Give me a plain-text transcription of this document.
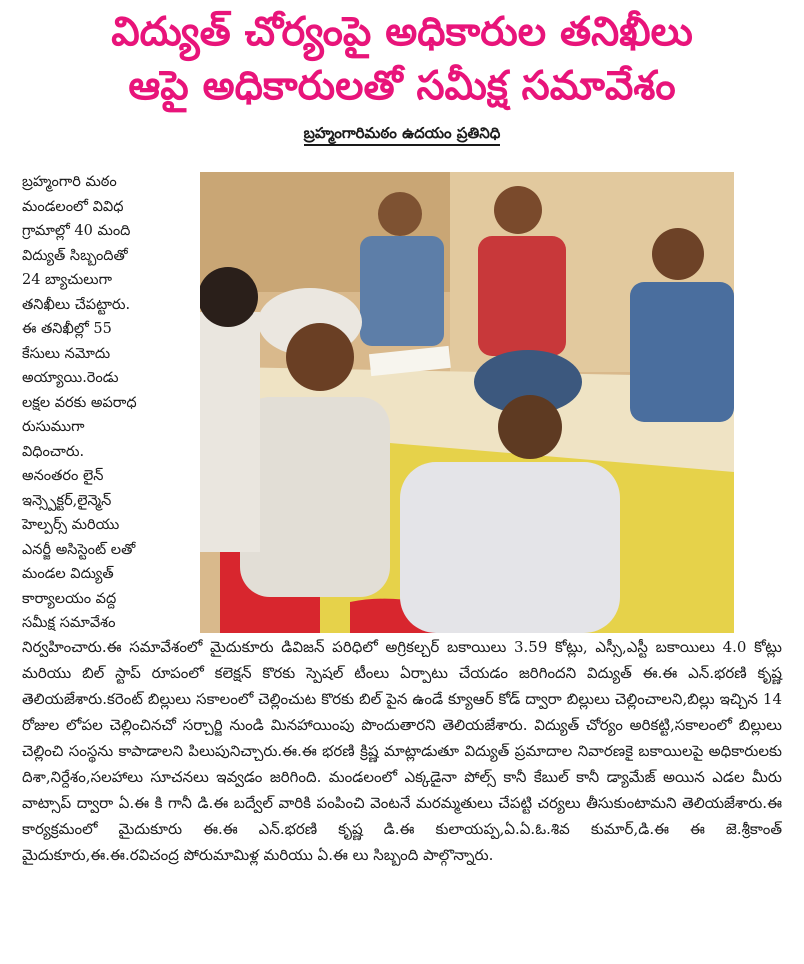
విద్యుత్ చోర్యంపై అధికారుల తనిఖీలు
ఆపై అధికారులతో సమీక్ష సమావేశం
బ్రహ్మంగారిమఠం ఉదయం ప్రతినిధి
బ్రహ్మంగారి మఠం
మండలంలో వివిధ
గ్రామాల్లో 40 మంది
విద్యుత్ సిబ్బందితో
24 బ్యాచులుగా
తనిఖీలు చేపట్టారు.
ఈ తనిఖీల్లో 55
కేసులు నమోదు
అయ్యాయి.రెండు
లక్షల వరకు అపరాధ
రుసుముగా
విధించారు.
అనంతరం లైన్
ఇన్స్పెక్టర్,లైన్మెన్
హెల్పర్స్ మరియు
ఎనర్జీ అసిస్టెంట్ లతో
మండల విద్యుత్
కార్యాలయం వద్ద
సమీక్ష సమావేశం
నిర్వహించారు.ఈ సమావేశంలో మైదుకూరు డివిజన్ పరిధిలో అగ్రికల్చర్ బకాయిలు 3.59 కోట్లు, ఎస్సీ,ఎస్టీ బకాయిలు 4.0 కోట్లు మరియు బిల్ స్టాప్ రూపంలో కలెక్షన్ కొరకు స్పెషల్ టీంలు ఏర్పాటు చేయడం జరిగిందని విద్యుత్ ఈ.ఈ ఎన్.భరణి కృష్ణ తెలియజేశారు.కరెంట్ బిల్లులు సకాలంలో చెల్లించుట కొరకు బిల్ పైన ఉండే క్యూఆర్ కోడ్ ద్వారా బిల్లులు చెల్లించాలని,బిల్లు ఇచ్చిన 14 రోజుల లోపల చెల్లించినచో సర్చార్జి నుండి మినహాయింపు పొందుతారని తెలియజేశారు. విద్యుత్ చోర్యం అరికట్టి,సకాలంలో బిల్లులు చెల్లించి సంస్థను కాపాడాలని పిలుపునిచ్చారు.ఈ.ఈ భరణి క్రిష్ణ మాట్లాడుతూ విద్యుత్ ప్రమాదాల నివారణకై బకాయిలపై అధికారులకు దిశా,నిర్దేశం,సలహాలు సూచనలు ఇవ్వడం జరిగింది. మండలంలో ఎక్కడైనా పోల్స్ కానీ కేబుల్ కానీ డ్యామేజ్ అయిన ఎడల మీరు వాట్సాప్ ద్వారా ఏ.ఈ కి గానీ డి.ఈ బద్వేల్ వారికి పంపించి వెంటనే మరమ్మతులు చేపట్టి చర్యలు తీసుకుంటామని తెలియజేశారు.ఈ కార్యక్రమంలో మైదుకూరు ఈ.ఈ ఎన్.భరణి కృష్ణ డి.ఈ కులాయప్ప,ఏ.ఏ.ఓ.శివ కుమార్,డి.ఈ ఈ జె.శ్రీకాంత్ మైదుకూరు,ఈ.ఈ.రవిచంద్ర పోరుమామిళ్ల మరియు ఏ.ఈ లు సిబ్బంది పాల్గొన్నారు.
